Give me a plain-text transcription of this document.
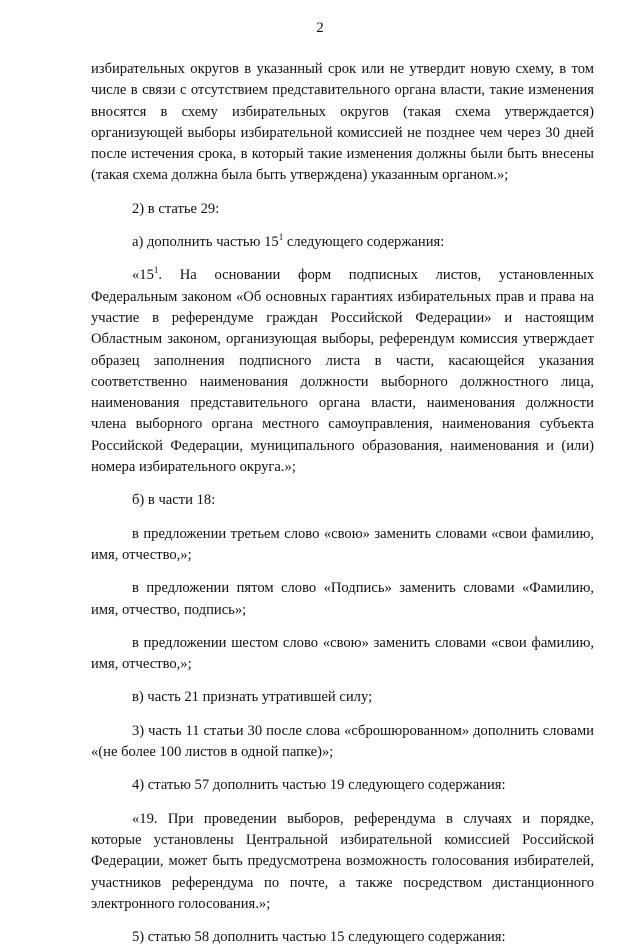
2

избирательных округов в указанный срок или не утвердит новую схему, в том числе в связи с отсутствием представительного органа власти, такие изменения вносятся в схему избирательных округов (такая схема утверждается) организующей выборы избирательной комиссией не позднее чем через 30 дней после истечения срока, в который такие изменения должны были быть внесены (такая схема должна была быть утверждена) указанным органом.»;

2) в статье 29:

а) дополнить частью $15^1$ следующего содержания:

«$15^1$. На основании форм подписных листов, установленных Федеральным законом «Об основных гарантиях избирательных прав и права на участие в референдуме граждан Российской Федерации» и настоящим Областным законом, организующая выборы, референдум комиссия утверждает образец заполнения подписного листа в части, касающейся указания соответственно наименования должности выборного должностного лица, наименования представительного органа власти, наименования должности члена выборного органа местного самоуправления, наименования субъекта Российской Федерации, муниципального образования, наименования и (или) номера избирательного округа.»;

б) в части 18:

в предложении третьем слово «свою» заменить словами «свои фамилию, имя, отчество,»;

в предложении пятом слово «Подпись» заменить словами «Фамилию, имя, отчество, подпись»;

в предложении шестом слово «свою» заменить словами «свои фамилию, имя, отчество,»;

в) часть 21 признать утратившей силу;

3) часть 11 статьи 30 после слова «сброшюрованном» дополнить словами «(не более 100 листов в одной папке)»;

4) статью 57 дополнить частью 19 следующего содержания:

«19. При проведении выборов, референдума в случаях и порядке, которые установлены Центральной избирательной комиссией Российской Федерации, может быть предусмотрена возможность голосования избирателей, участников референдума по почте, а также посредством дистанционного электронного голосования.»;

5) статью 58 дополнить частью 15 следующего содержания:
